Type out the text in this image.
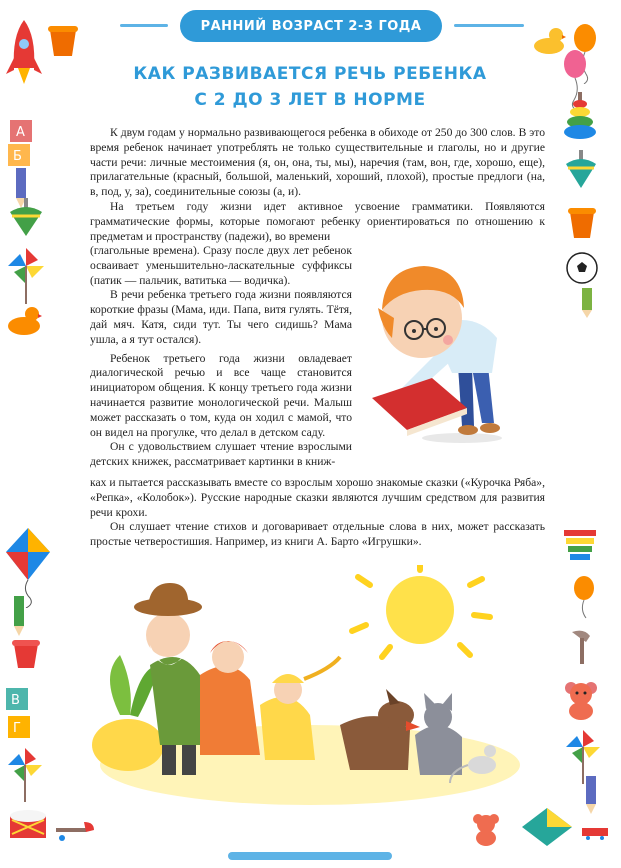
РАННИЙ ВОЗРАСТ 2-3 ГОДА
КАК РАЗВИВАЕТСЯ РЕЧЬ РЕБЕНКА
С 2 ДО 3 ЛЕТ В НОРМЕ

К двум годам у нормально развивающегося ребенка в обиходе от 250 до 300 слов. В это время ребенок начинает употреблять не только существительные и глаголы, но и другие части речи: личные местоимения (я, он, она, ты, мы), наречия (там, вон, где, хорошо, еще), прилагательные (красный, большой, маленький, хороший, плохой), простые предлоги (на, в, под, у, за), соединительные союзы (а, и).

На третьем году жизни идет активное усвоение грамматики. Появляются грамматические формы, которые помогают ребенку ориентироваться по отношению к предметам и пространству (падежи), во времени

(глагольные времена). Сразу после двух лет ребенок осваивает уменьшительно-ласкательные суффиксы (патик — пальчик, ватитька — водичка).

В речи ребенка третьего года жизни появляются короткие фразы (Мама, иди. Папа, витя гулять. Тётя, дай мяч. Катя, сиди тут. Ты чего сидишь? Мама ушла, а я тут остался).

Ребенок третьего года жизни овладевает диалогической речью и все чаще становится инициатором общения. К концу третьего года жизни начинается развитие монологической речи. Малыш может рассказать о том, куда он ходил с мамой, что он видел на прогулке, что делал в детском саду.

Он с удовольствием слушает чтение взрослыми детских книжек, рассматривает картинки в книж-

ках и пытается рассказывать вместе со взрослым хорошо знакомые сказки («Курочка Ряба», «Репка», «Колобок»). Русские народные сказки являются лучшим средством для развития речи крохи.

Он слушает чтение стихов и договаривает отдельные слова в них, может рассказать простые четверостишия. Например, из книги А. Барто «Игрушки».

A
Б
В
Г
